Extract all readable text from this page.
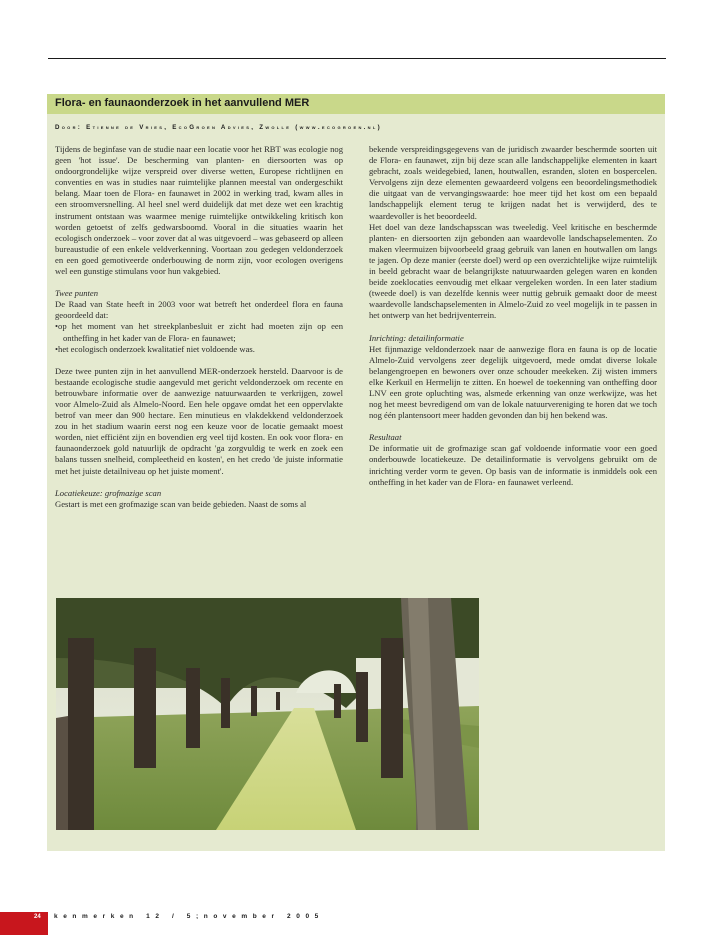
Flora- en faunaonderzoek in het aanvullend MER
Door: Etienne de Vries, EcoGroen Advies, Zwolle (www.ecogroen.nl)

Tijdens de beginfase van de studie naar een locatie voor het RBT was ecologie nog geen 'hot issue'. De bescherming van planten- en diersoorten was op ondoorgrondelijke wijze verspreid over diverse wetten, Europese richtlijnen en conventies en was in studies naar ruimtelijke plannen meestal van ondergeschikt belang. Maar toen de Flora- en faunawet in 2002 in werking trad, kwam alles in een stroomversnelling. Al heel snel werd duidelijk dat met deze wet een krachtig instrument ontstaan was waarmee menige ruimtelijke ontwikkeling kritisch kon worden getoetst of zelfs gedwarsboomd. Vooral in die situaties waarin het ecologisch onderzoek – voor zover dat al was uitgevoerd – was gebaseerd op alleen bureaustudie of een enkele veldverkenning. Voortaan zou gedegen veldonderzoek en een goed gemotiveerde onderbouwing de norm zijn, voor ecologen overigens wel een gunstige stimulans voor hun vakgebied.

Twee punten

De Raad van State heeft in 2003 voor wat betreft het onderdeel flora en fauna geoordeeld dat:

• op het moment van het streekplanbesluit er zicht had moeten zijn op een ontheffing in het kader van de Flora- en faunawet;
• het ecologisch onderzoek kwalitatief niet voldoende was.

Deze twee punten zijn in het aanvullend MER-onderzoek hersteld. Daarvoor is de bestaande ecologische studie aangevuld met gericht veldonderzoek om recente en betrouwbare informatie over de aanwezige natuurwaarden te verkrijgen, zowel voor Almelo-Zuid als Almelo-Noord. Een hele opgave omdat het een oppervlakte betrof van meer dan 900 hectare. Een minutieus en vlakdekkend veldonderzoek zou in het stadium waarin eerst nog een keuze voor de locatie gemaakt moest worden, niet efficiënt zijn en bovendien erg veel tijd kosten. En ook voor flora- en faunaonderzoek gold natuurlijk de opdracht 'ga zorgvuldig te werk en zoek een balans tussen snelheid, compleetheid en kosten', en het credo 'de juiste informatie met het juiste detailniveau op het juiste moment'.

Locatiekeuze: grofmazige scan

Gestart is met een grofmazige scan van beide gebieden. Naast de soms al

bekende verspreidingsgegevens van de juridisch zwaarder beschermde soorten uit de Flora- en faunawet, zijn bij deze scan alle landschappelijke elementen in kaart gebracht, zoals weidegebied, lanen, houtwallen, esranden, sloten en bospercelen. Vervolgens zijn deze elementen gewaardeerd volgens een beoordelingsmethodiek die uitgaat van de vervangingswaarde: hoe meer tijd het kost om een bepaald landschappelijk element terug te krijgen nadat het is verwijderd, des te waardevoller is het beoordeeld.

Het doel van deze landschapsscan was tweeledig. Veel kritische en beschermde planten- en diersoorten zijn gebonden aan waardevolle landschapselementen. Zo maken vleermuizen bijvoorbeeld graag gebruik van lanen en houtwallen om langs te jagen. Op deze manier (eerste doel) werd op een overzichtelijke wijze ruimtelijk in beeld gebracht waar de belangrijkste natuurwaarden gelegen waren en konden beide zoeklocaties eenvoudig met elkaar vergeleken worden. In een later stadium (tweede doel) is van dezelfde kennis weer nuttig gebruik gemaakt door de meest waardevolle landschapselementen in Almelo-Zuid zo veel mogelijk in te passen in het ontwerp van het bedrijventerrein.

Inrichting: detailinformatie

Het fijnmazige veldonderzoek naar de aanwezige flora en fauna is op de locatie Almelo-Zuid vervolgens zeer degelijk uitgevoerd, mede omdat diverse lokale belangengroepen en bewoners over onze schouder meekeken. Zij wisten immers elke Kerkuil en Hermelijn te zitten. En hoewel de toekenning van ontheffing door LNV een grote opluchting was, alsmede erkenning van onze werkwijze, was het nog het meest bevredigend om van de lokale natuurvereniging te horen dat we toch nog één plantensoort meer hadden gevonden dan bij hen bekend was.

Resultaat

De informatie uit de grofmazige scan gaf voldoende informatie voor een goed onderbouwde locatiekeuze. De detailinformatie is vervolgens gebruikt om de inrichting verder vorm te geven. Op basis van de informatie is inmiddels ook een ontheffing in het kader van de Flora- en faunawet verleend.

24 kenmerken 12 / 5;november 2005
